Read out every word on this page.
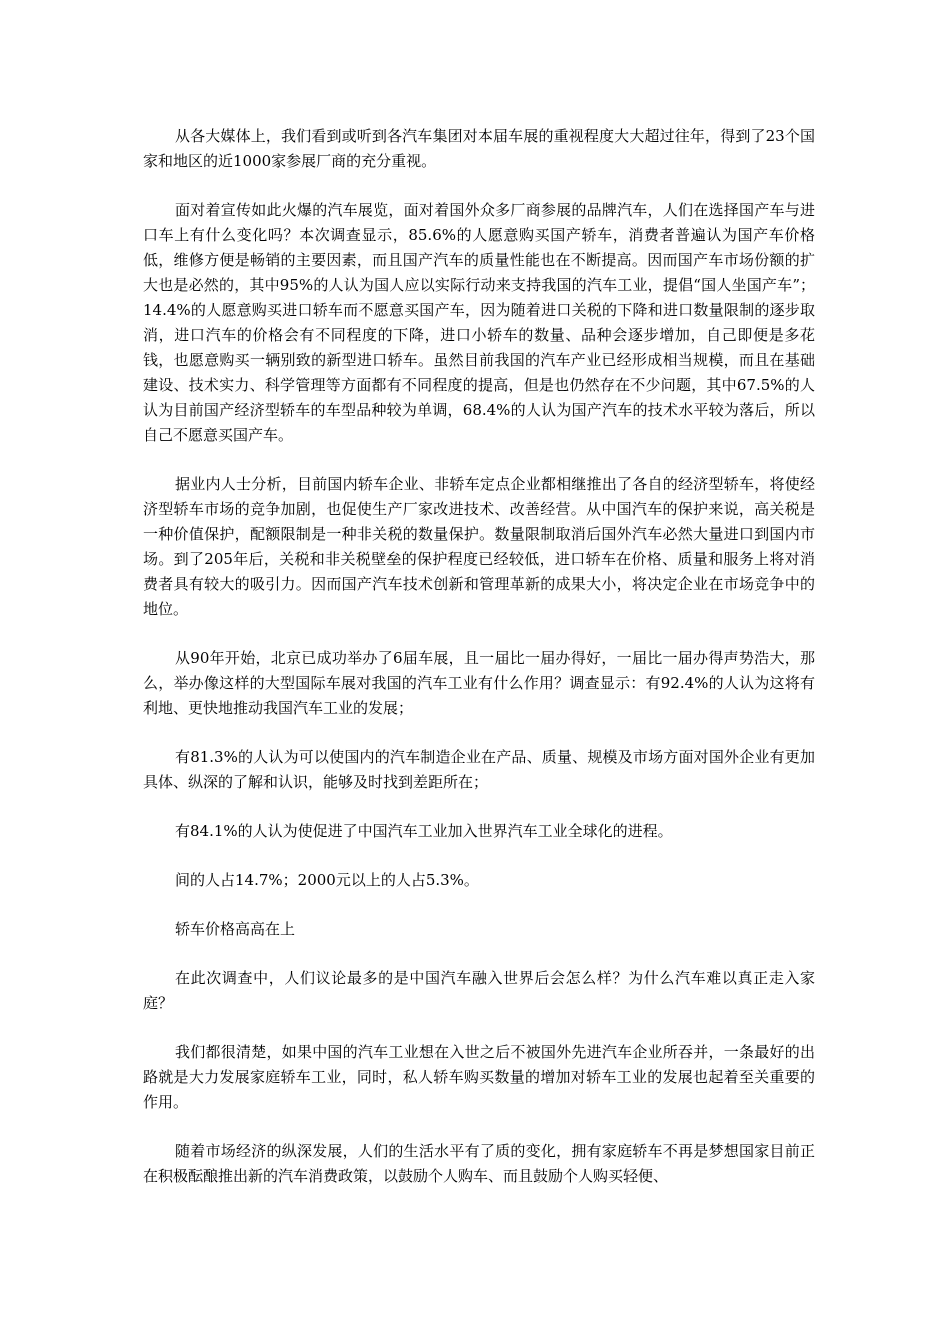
从各大媒体上，我们看到或听到各汽车集团对本届车展的重视程度大大超过往年，得到了23个国家和地区的近1000家参展厂商的充分重视。

面对着宣传如此火爆的汽车展览，面对着国外众多厂商参展的品牌汽车，人们在选择国产车与进口车上有什么变化吗？本次调查显示，85.6%的人愿意购买国产轿车，消费者普遍认为国产车价格低，维修方便是畅销的主要因素，而且国产汽车的质量性能也在不断提高。因而国产车市场份额的扩大也是必然的，其中95%的人认为国人应以实际行动来支持我国的汽车工业，提倡“国人坐国产车”；14.4%的人愿意购买进口轿车而不愿意买国产车，因为随着进口关税的下降和进口数量限制的逐步取消，进口汽车的价格会有不同程度的下降，进口小轿车的数量、品种会逐步增加，自己即便是多花钱，也愿意购买一辆别致的新型进口轿车。虽然目前我国的汽车产业已经形成相当规模，而且在基础建设、技术实力、科学管理等方面都有不同程度的提高，但是也仍然存在不少问题，其中67.5%的人认为目前国产经济型轿车的车型品种较为单调，68.4%的人认为国产汽车的技术水平较为落后，所以自己不愿意买国产车。

据业内人士分析，目前国内轿车企业、非轿车定点企业都相继推出了各自的经济型轿车，将使经济型轿车市场的竞争加剧，也促使生产厂家改进技术、改善经营。从中国汽车的保护来说，高关税是一种价值保护，配额限制是一种非关税的数量保护。数量限制取消后国外汽车必然大量进口到国内市场。到了205年后，关税和非关税壁垒的保护程度已经较低，进口轿车在价格、质量和服务上将对消费者具有较大的吸引力。因而国产汽车技术创新和管理革新的成果大小，将决定企业在市场竞争中的地位。

从90年开始，北京已成功举办了6届车展，且一届比一届办得好，一届比一届办得声势浩大，那么，举办像这样的大型国际车展对我国的汽车工业有什么作用？调查显示：有92.4%的人认为这将有利地、更快地推动我国汽车工业的发展；

有81.3%的人认为可以使国内的汽车制造企业在产品、质量、规模及市场方面对国外企业有更加具体、纵深的了解和认识，能够及时找到差距所在；

有84.1%的人认为使促进了中国汽车工业加入世界汽车工业全球化的进程。

间的人占14.7%；2000元以上的人占5.3%。

轿车价格高高在上

在此次调查中，人们议论最多的是中国汽车融入世界后会怎么样？为什么汽车难以真正走入家庭？

我们都很清楚，如果中国的汽车工业想在入世之后不被国外先进汽车企业所吞并，一条最好的出路就是大力发展家庭轿车工业，同时，私人轿车购买数量的增加对轿车工业的发展也起着至关重要的作用。

随着市场经济的纵深发展，人们的生活水平有了质的变化，拥有家庭轿车不再是梦想国家目前正在积极酝酿推出新的汽车消费政策，以鼓励个人购车、而且鼓励个人购买轻便、
